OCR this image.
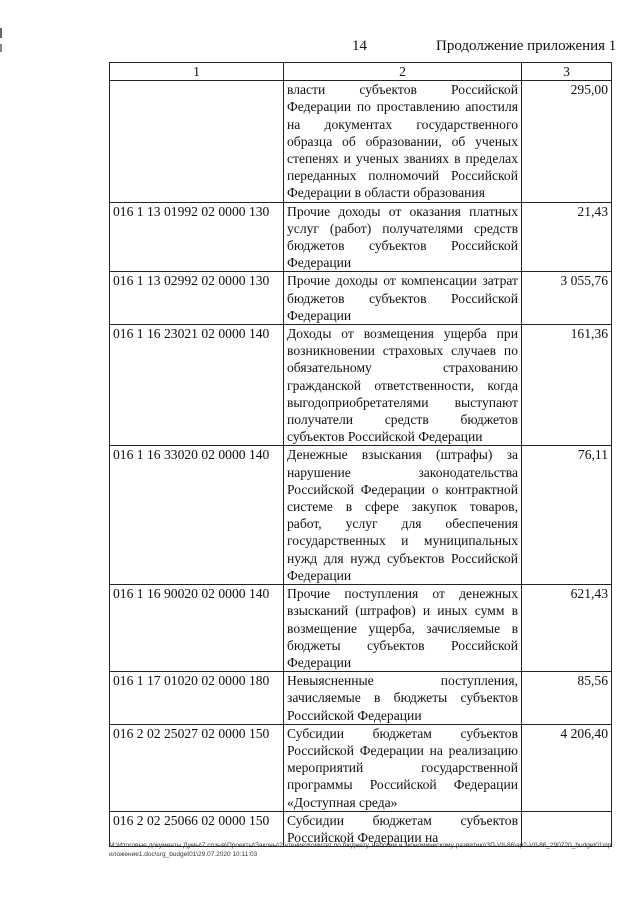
14	Продолжение приложения 1
1	2	3
	власти субъектов Российской Федерации по проставлению апостиля на документах государственного образца об образовании, об ученых степенях и ученых званиях в пределах переданных полномочий Российской Федерации в области образования	295,00
016 1 13 01992 02 0000 130	Прочие доходы от оказания платных услуг (работ) получателями средств бюджетов субъектов Российской Федерации	21,43
016 1 13 02992 02 0000 130	Прочие доходы от компенсации затрат бюджетов субъектов Российской Федерации	3 055,76
016 1 16 23021 02 0000 140	Доходы от возмещения ущерба при возникновении страховых случаев по обязательному страхованию гражданской ответственности, когда выгодоприобретателями выступают получатели средств бюджетов субъектов Российской Федерации	161,36
016 1 16 33020 02 0000 140	Денежные взыскания (штрафы) за нарушение законодательства Российской Федерации о контрактной системе в сфере закупок товаров, работ, услуг для обеспечения государственных и муниципальных нужд для нужд субъектов Российской Федерации	76,11
016 1 16 90020 02 0000 140	Прочие поступления от денежных взысканий (штрафов) и иных сумм в возмещение ущерба, зачисляемые в бюджеты субъектов Российской Федерации	621,43
016 1 17 01020 02 0000 180	Невыясненные поступления, зачисляемые в бюджеты субъектов Российской Федерации	85,56
016 2 02 25027 02 0000 150	Субсидии бюджетам субъектов Российской Федерации на реализацию мероприятий государственной программы Российской Федерации «Доступная среда»	4 206,40
016 2 02 25066 02 0000 150	Субсидии бюджетам субъектов Российской Федерации на	
M:\Итоговые документы Думы\7 созыв\Проекты\Законы\2 чтение\Комитет по бюджету, налогам и экономическому развитию\ЗП-VII-86\ap2-VII-86_290720_budget01\приложение1.doc\srg_budget01\29.07.2020 10:11:03
